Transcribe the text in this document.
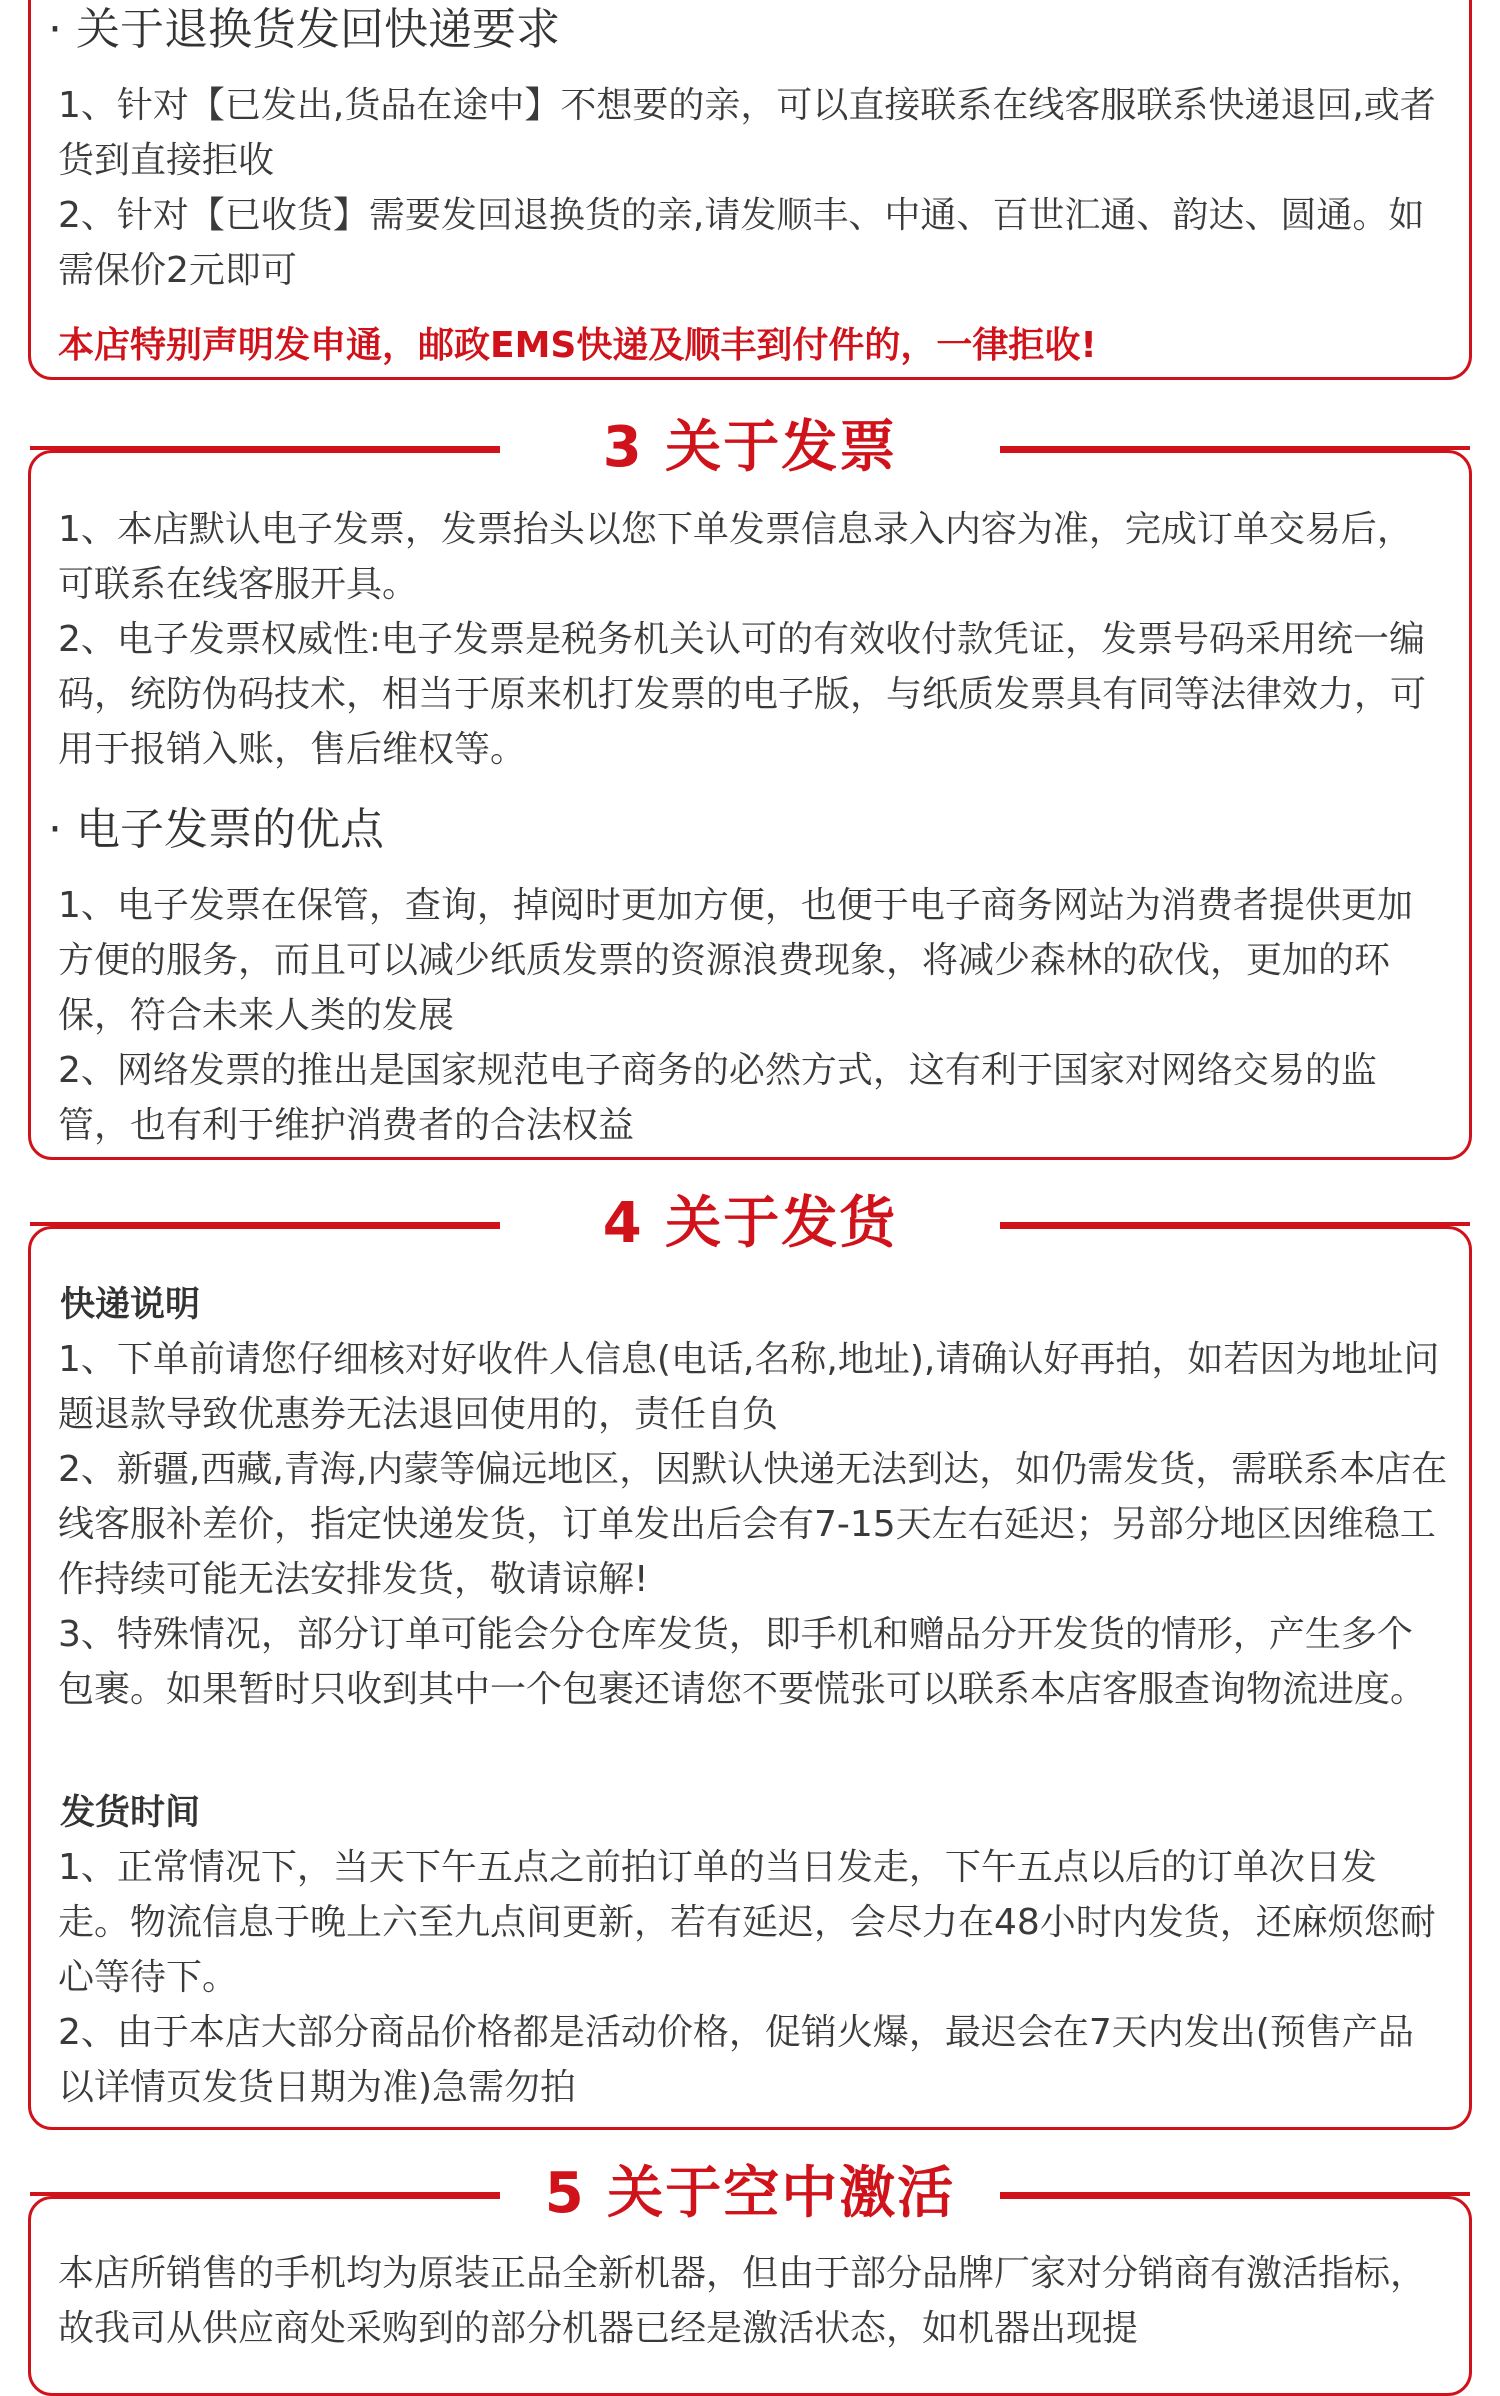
· 关于退换货发回快递要求
1、针对【已发出,货品在途中】不想要的亲，可以直接联系在线客服联系快递退回,或者货到直接拒收
2、针对【已收货】需要发回退换货的亲,请发顺丰、中通、百世汇通、韵达、圆通。如需保价2元即可
本店特别声明发申通，邮政EMS快递及顺丰到付件的，一律拒收!
3 关于发票
1、本店默认电子发票，发票抬头以您下单发票信息录入内容为准，完成订单交易后，可联系在线客服开具。
2、电子发票权威性:电子发票是税务机关认可的有效收付款凭证，发票号码采用统一编码，统防伪码技术，相当于原来机打发票的电子版，与纸质发票具有同等法律效力，可用于报销入账，售后维权等。
· 电子发票的优点
1、电子发票在保管，查询，掉阅时更加方便，也便于电子商务网站为消费者提供更加方便的服务，而且可以减少纸质发票的资源浪费现象，将减少森林的砍伐，更加的环保，符合未来人类的发展
2、网络发票的推出是国家规范电子商务的必然方式，这有利于国家对网络交易的监管，也有利于维护消费者的合法权益
4 关于发货
快递说明
1、下单前请您仔细核对好收件人信息(电话,名称,地址),请确认好再拍，如若因为地址问题退款导致优惠券无法退回使用的，责任自负
2、新疆,西藏,青海,内蒙等偏远地区，因默认快递无法到达，如仍需发货，需联系本店在线客服补差价，指定快递发货，订单发出后会有7-15天左右延迟；另部分地区因维稳工作持续可能无法安排发货，敬请谅解!
3、特殊情况，部分订单可能会分仓库发货，即手机和赠品分开发货的情形，产生多个包裹。如果暂时只收到其中一个包裹还请您不要慌张可以联系本店客服查询物流进度。
发货时间
1、正常情况下，当天下午五点之前拍订单的当日发走，下午五点以后的订单次日发走。物流信息于晚上六至九点间更新，若有延迟，会尽力在48小时内发货，还麻烦您耐心等待下。
2、由于本店大部分商品价格都是活动价格，促销火爆，最迟会在7天内发出(预售产品以详情页发货日期为准)急需勿拍
5 关于空中激活
本店所销售的手机均为原装正品全新机器，但由于部分品牌厂家对分销商有激活指标，故我司从供应商处采购到的部分机器已经是激活状态，如机器出现提
